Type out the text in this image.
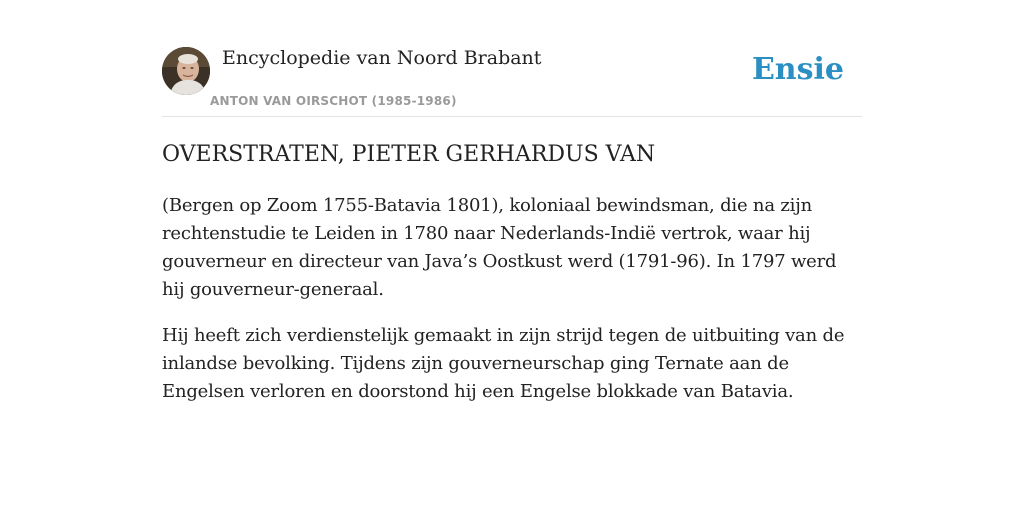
Encyclopedie van Noord Brabant
ANTON VAN OIRSCHOT (1985-1986)
Ensie
OVERSTRATEN, PIETER GERHARDUS VAN

(Bergen op Zoom 1755-Batavia 1801), koloniaal bewindsman, die na zijn rechtenstudie te Leiden in 1780 naar Nederlands-Indië vertrok, waar hij gouverneur en directeur van Java’s Oostkust werd (1791-96). In 1797 werd hij gouverneur-generaal.

Hij heeft zich verdienstelijk gemaakt in zijn strijd tegen de uitbuiting van de inlandse bevolking. Tijdens zijn gouverneurschap ging Ternate aan de Engelsen verloren en doorstond hij een Engelse blokkade van Batavia.
